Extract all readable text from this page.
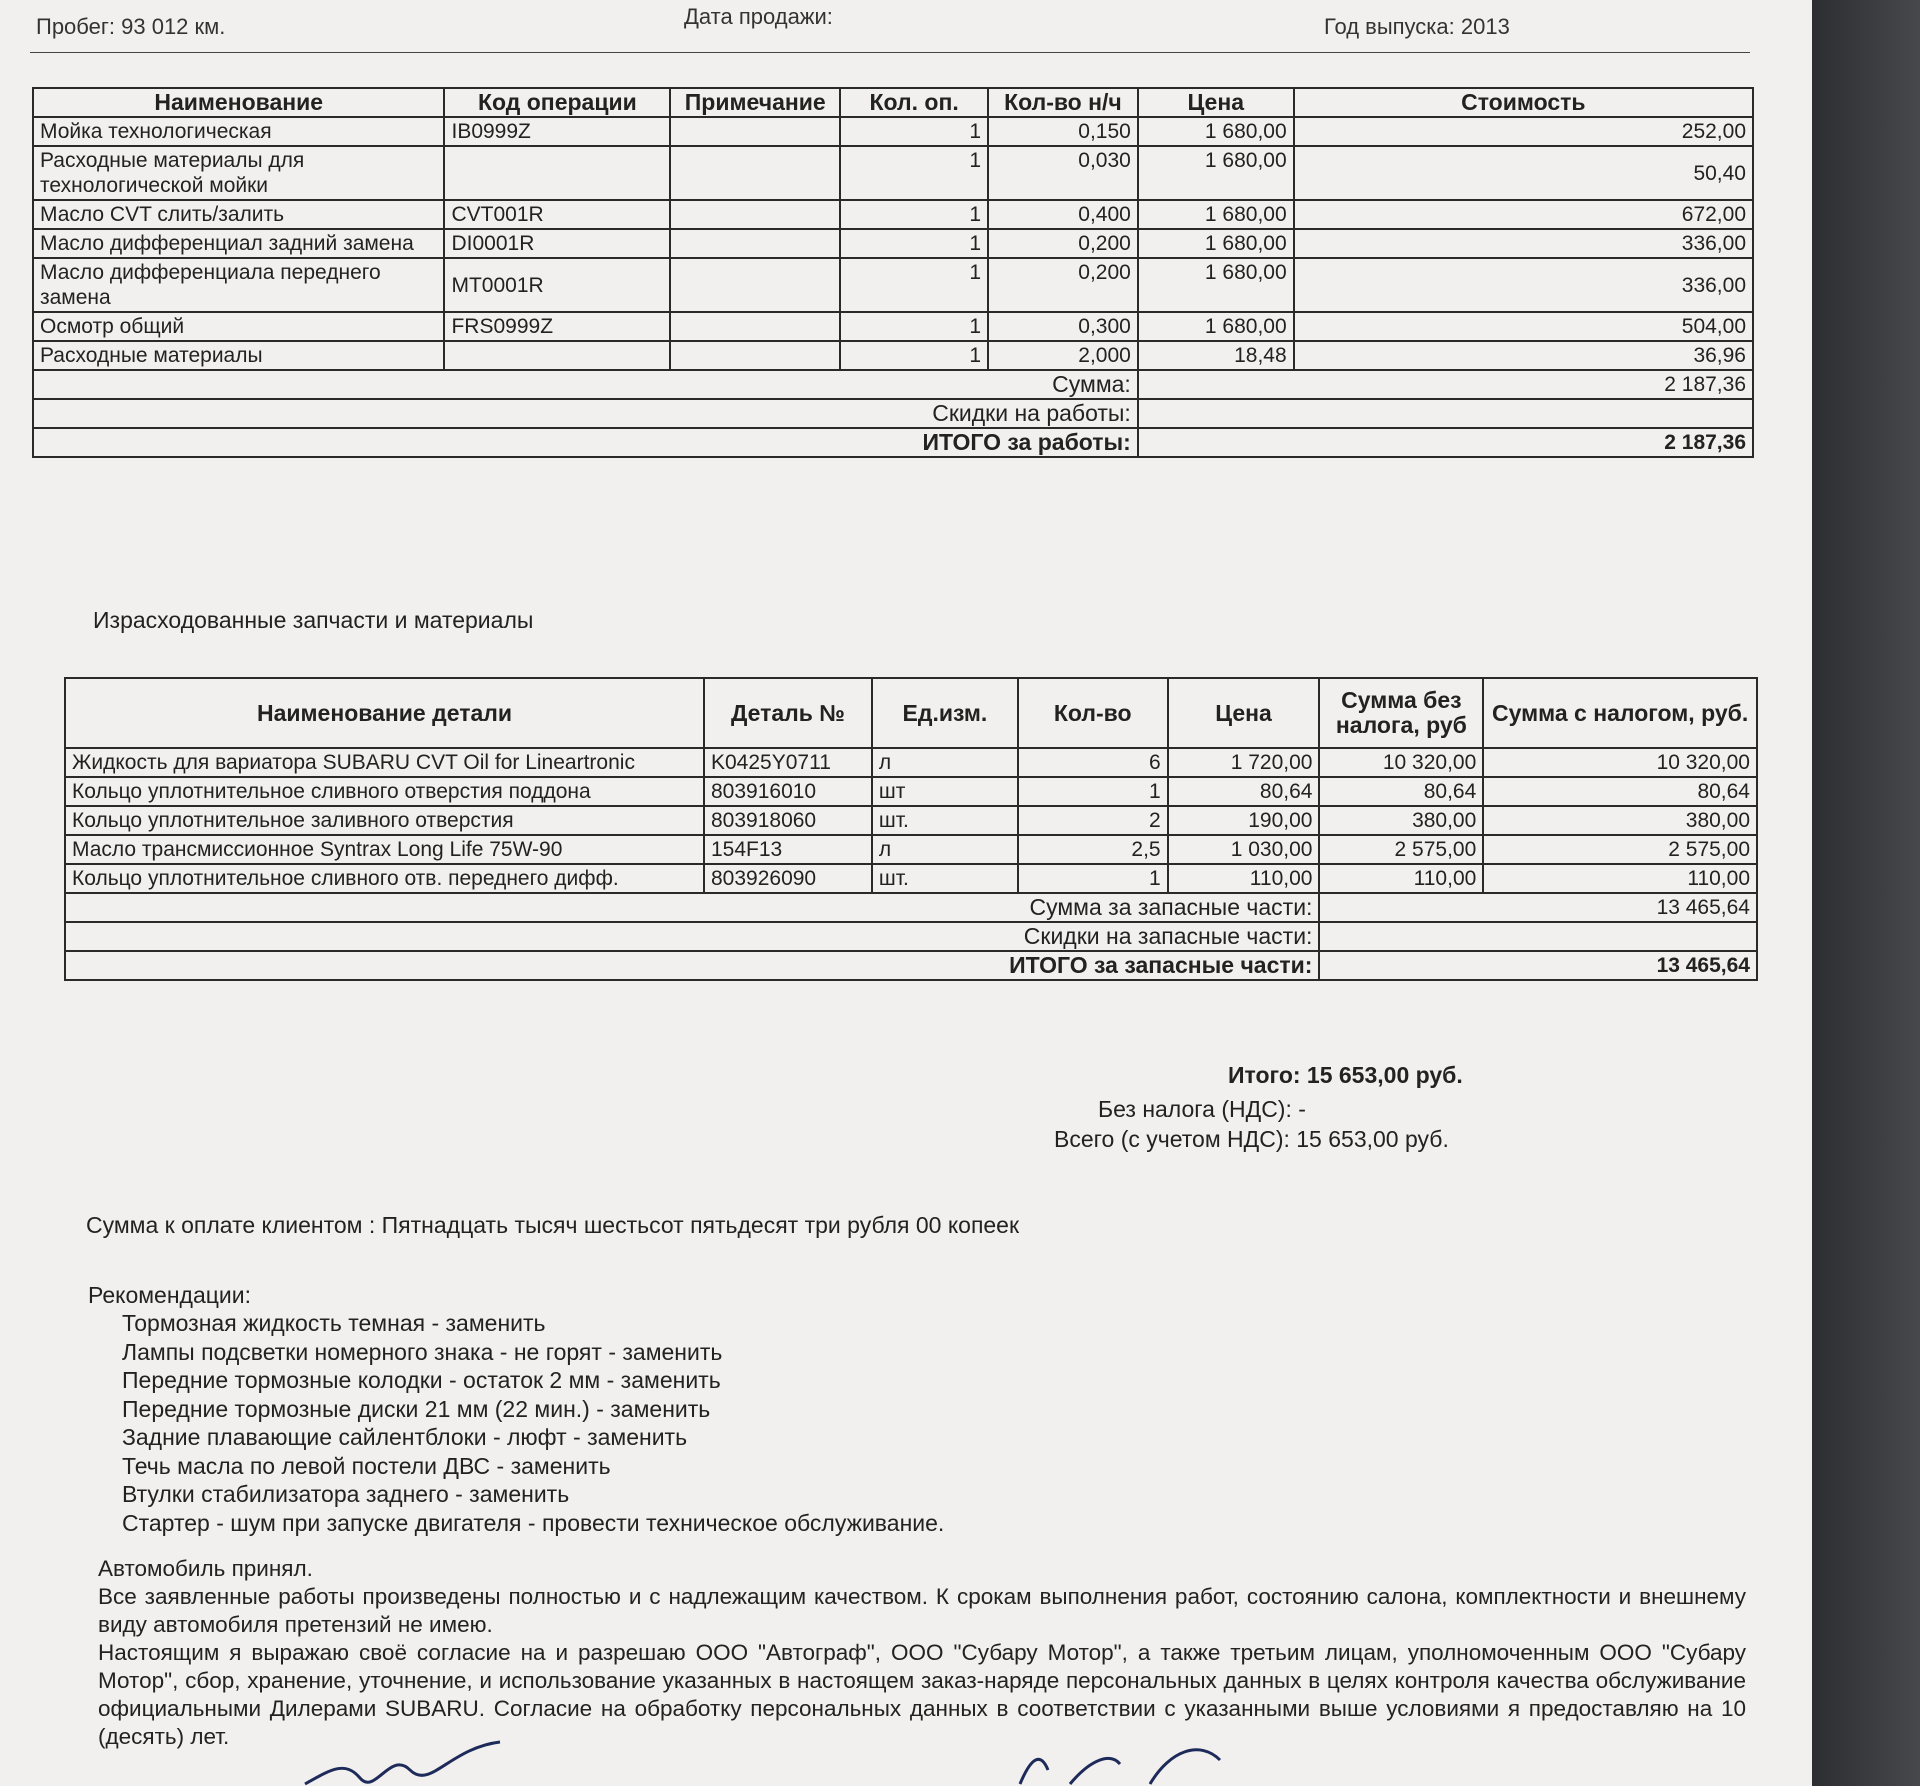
Пробег: 93 012 км.	Дата продажи:	Год выпуска: 2013
Наименование	Код операции	Примечание	Кол. оп.	Кол-во н/ч	Цена	Стоимость
Мойка технологическая	IB0999Z		1	0,150	1 680,00	252,00
Расходные материалы для технологической мойки			1	0,030	1 680,00	50,40
Масло CVT слить/залить	CVT001R		1	0,400	1 680,00	672,00
Масло дифференциал задний замена	DI0001R		1	0,200	1 680,00	336,00
Масло дифференциала переднего замена	MT0001R		1	0,200	1 680,00	336,00
Осмотр общий	FRS0999Z		1	0,300	1 680,00	504,00
Расходные материалы			1	2,000	18,48	36,96
Сумма:					2 187,36	
Скидки на работы:						
ИТОГО за работы:					2 187,36	
Израсходованные запчасти и материалы
Наименование детали	Деталь №	Ед.изм.	Кол-во	Цена	Сумма без налога, руб	Сумма с налогом, руб.
Жидкость для вариатора SUBARU CVT Oil for Lineartronic	K0425Y0711	л	6	1 720,00	10 320,00	10 320,00
Кольцо уплотнительное сливного отверстия поддона	803916010	шт	1	80,64	80,64	80,64
Кольцо уплотнительное заливного отверстия	803918060	шт.	2	190,00	380,00	380,00
Масло трансмиссионное Syntrax Long Life 75W-90	154F13	л	2,5	1 030,00	2 575,00	2 575,00
Кольцо уплотнительное сливного отв. переднего дифф.	803926090	шт.	1	110,00	110,00	110,00
Сумма за запасные части:					13 465,64	
Скидки на запасные части:						
ИТОГО за запасные части:					13 465,64	
Итого: 15 653,00 руб.
Без налога (НДС): -
Всего (с учетом НДС): 15 653,00 руб.
Сумма к оплате клиентом : Пятнадцать тысяч шестьсот пятьдесят три рубля 00 копеек
Рекомендации:
Тормозная жидкость темная - заменить
Лампы подсветки номерного знака - не горят - заменить
Передние тормозные колодки - остаток 2 мм - заменить
Передние тормозные диски 21 мм (22 мин.) - заменить
Задние плавающие сайлентблоки - люфт - заменить
Течь масла по левой постели ДВС - заменить
Втулки стабилизатора заднего - заменить
Стартер - шум при запуске двигателя - провести техническое обслуживание.

Автомобиль принял.

Все заявленные работы произведены полностью и с надлежащим качеством. К срокам выполнения работ, состоянию салона, комплектности и внешнему виду автомобиля претензий не имею.

Настоящим я выражаю своё согласие на и разрешаю ООО "Автограф", ООО "Субару Мотор", а также третьим лицам, уполномоченным ООО "Субару Мотор", сбор, хранение, уточнение, и использование указанных в настоящем заказ-наряде персональных данных в целях контроля качества обслуживание официальными Дилерами SUBARU. Согласие на обработку персональных данных в соответствии с указанными выше условиями я предоставляю на 10 (десять) лет.
